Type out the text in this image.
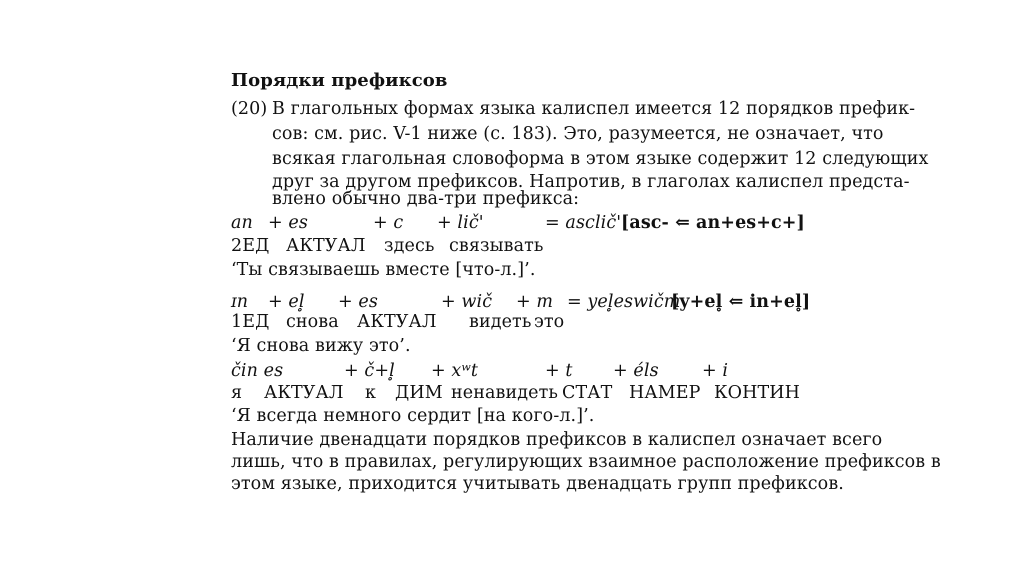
Порядки префиксов
(20) В глагольных формах языка калиспел имеется 12 порядков префик-
сов: см. рис. V-1 ниже (с. 183). Это, разумеется, не означает, что
всякая глагольная словоформа в этом языке содержит 12 следующих
друг за другом префиксов. Напротив, в глаголах калиспел предста-
влено обычно два-три префикса:
an + es	+ c + lič'	= asclič' [asc- ⇐ an+es+c+]
2ЕД АКТУАЛ здесь связывать
‘Ты связываешь вместе [что-л.]’.
ɪn + el̥ + es	+ wič + m = yel̥eswičm
[y+el̥ ⇐ in+el̥]
1ЕД снова АКТУАЛ видеть это
‘Я снова вижу это’.
čin es	+ č+l̥ + xʷt	+ t + éls + i
я АКТУАЛ к ДИМ ненавидеть СТАТ НАМЕР КОНТИН
‘Я всегда немного сердит [на кого-л.]’.
Наличие двенадцати порядков префиксов в калиспел означает всего
лишь, что в правилах, регулирующих взаимное расположение префиксов в
этом языке, приходится учитывать двенадцать групп префиксов.
